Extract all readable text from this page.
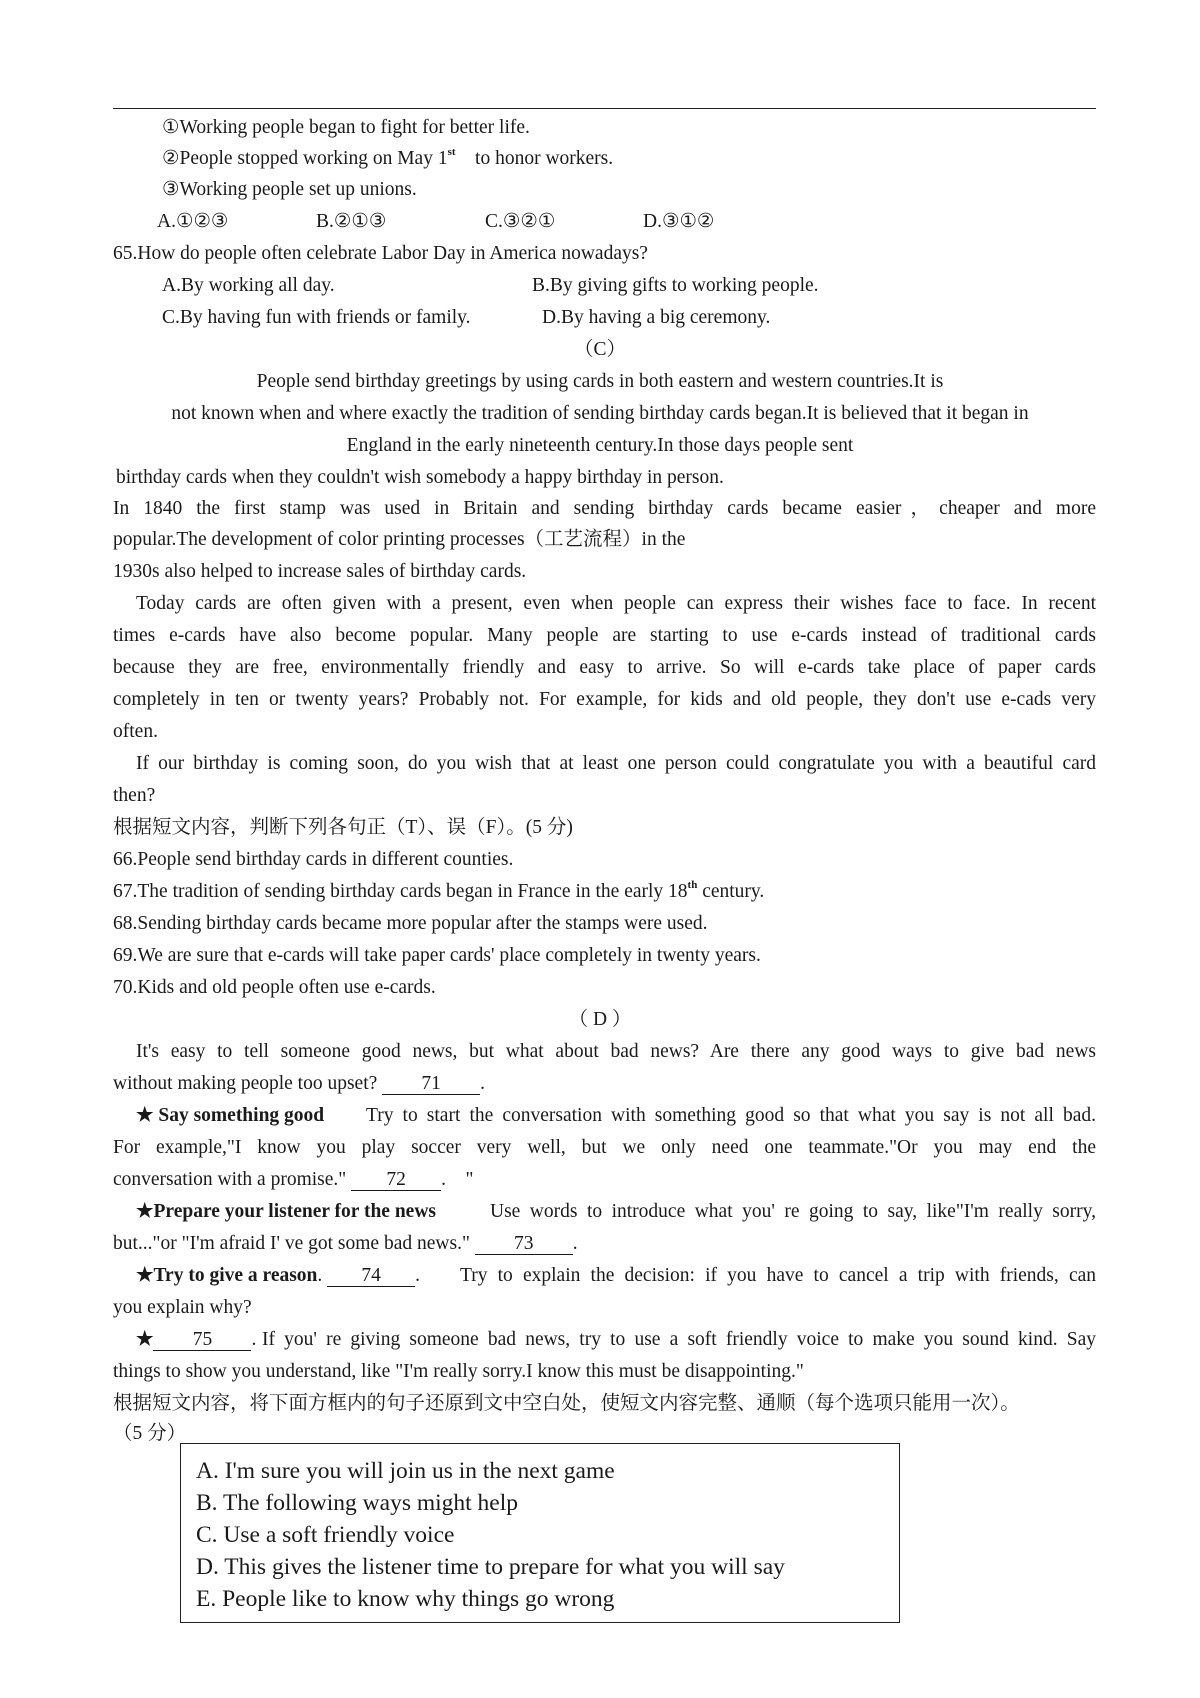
①Working people began to fight for better life.
②People stopped working on May 1st to honor workers.
③Working people set up unions.
A.①②③	B.②①③	C.③②①	D.③①②
65.How do people often celebrate Labor Day in America nowadays?
A.By working all day.	B.By giving gifts to working people.
C.By having fun with friends or family.	D.By having a big ceremony.
（C）
People send birthday greetings by using cards in both eastern and western countries.It is
not known when and where exactly the tradition of sending birthday cards began.It is believed that it began in
England in the early nineteenth century.In those days people sent
birthday cards when they couldn't wish somebody a happy birthday in person.
In 1840 the first stamp was used in Britain and sending birthday cards became easier，cheaper and more
popular.The development of color printing processes（工艺流程）in the
1930s also helped to increase sales of birthday cards.
Today cards are often given with a present, even when people can express their wishes face to face. In recent
times e-cards have also become popular. Many people are starting to use e-cards instead of traditional cards
because they are free, environmentally friendly and easy to arrive. So will e-cards take place of paper cards
completely in ten or twenty years? Probably not. For example, for kids and old people, they don't use e-cads very
often.
If our birthday is coming soon, do you wish that at least one person could congratulate you with a beautiful card
then?
根据短文内容，判断下列各句正（T）、误（F）。(5 分)
66.People send birthday cards in different counties.
67.The tradition of sending birthday cards began in France in the early 18th century.
68.Sending birthday cards became more popular after the stamps were used.
69.We are sure that e-cards will take paper cards' place completely in twenty years.
70.Kids and old people often use e-cards.
（ D ）
It's easy to tell someone good news, but what about bad news? Are there any good ways to give bad news
without making people too upset? 71 .
★ Say something good Try to start the conversation with something good so that what you say is not all bad.
For example,"I know you play soccer very well, but we only need one teammate."Or you may end the
conversation with a promise." 72 .    "
★Prepare your listener for the news	Use words to introduce what you' re going to say, like"I'm really sorry,
but..."or "I'm afraid I' ve got some bad news." 73 .
★Try to give a reason. 74 . Try to explain the decision: if you have to cancel a trip with friends, can
you explain why?
★ 75 . If you' re giving someone bad news, try to use a soft friendly voice to make you sound kind. Say
things to show you understand, like "I'm really sorry.I know this must be disappointing."
根据短文内容，将下面方框内的句子还原到文中空白处，使短文内容完整、通顺（每个选项只能用一次）。
（5 分）
A. I'm sure you will join us in the next game
B. The following ways might help
C. Use a soft friendly voice
D. This gives the listener time to prepare for what you will say
E. People like to know why things go wrong
